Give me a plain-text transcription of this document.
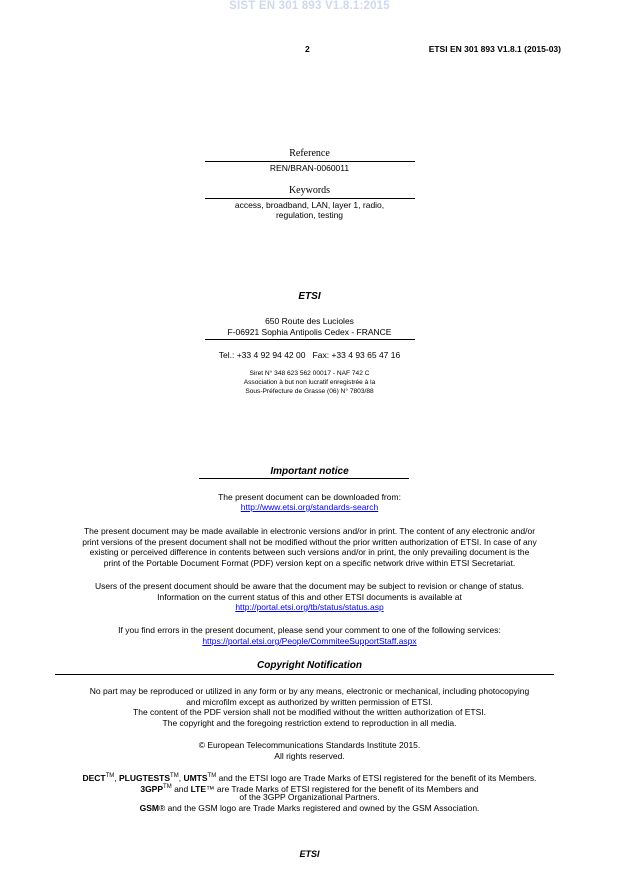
SIST EN 301 893 V1.8.1:2015
2	ETSI EN 301 893 V1.8.1 (2015-03)
Reference
REN/BRAN-0060011
Keywords
access, broadband, LAN, layer 1, radio,
regulation, testing
ETSI
650 Route des Lucioles
F-06921 Sophia Antipolis Cedex - FRANCE
Tel.: +33 4 92 94 42 00   Fax: +33 4 93 65 47 16
Siret N° 348 623 562 00017 - NAF 742 C
Association à but non lucratif enregistrée à la
Sous-Préfecture de Grasse (06) N° 7803/88
Important notice
The present document can be downloaded from:
http://www.etsi.org/standards-search
The present document may be made available in electronic versions and/or in print. The content of any electronic and/or
print versions of the present document shall not be modified without the prior written authorization of ETSI. In case of any
existing or perceived difference in contents between such versions and/or in print, the only prevailing document is the
print of the Portable Document Format (PDF) version kept on a specific network drive within ETSI Secretariat.
Users of the present document should be aware that the document may be subject to revision or change of status.
Information on the current status of this and other ETSI documents is available at
http://portal.etsi.org/tb/status/status.asp
If you find errors in the present document, please send your comment to one of the following services:
https://portal.etsi.org/People/CommiteeSupportStaff.aspx
Copyright Notification
No part may be reproduced or utilized in any form or by any means, electronic or mechanical, including photocopying
and microfilm except as authorized by written permission of ETSI.
The content of the PDF version shall not be modified without the written authorization of ETSI.
The copyright and the foregoing restriction extend to reproduction in all media.
© European Telecommunications Standards Institute 2015.
All rights reserved.
DECT™, PLUGTESTS™, UMTS™ and the ETSI logo are Trade Marks of ETSI registered for the benefit of its Members.
3GPP™ and LTE™ are Trade Marks of ETSI registered for the benefit of its Members and
of the 3GPP Organizational Partners.
GSM® and the GSM logo are Trade Marks registered and owned by the GSM Association.
ETSI
